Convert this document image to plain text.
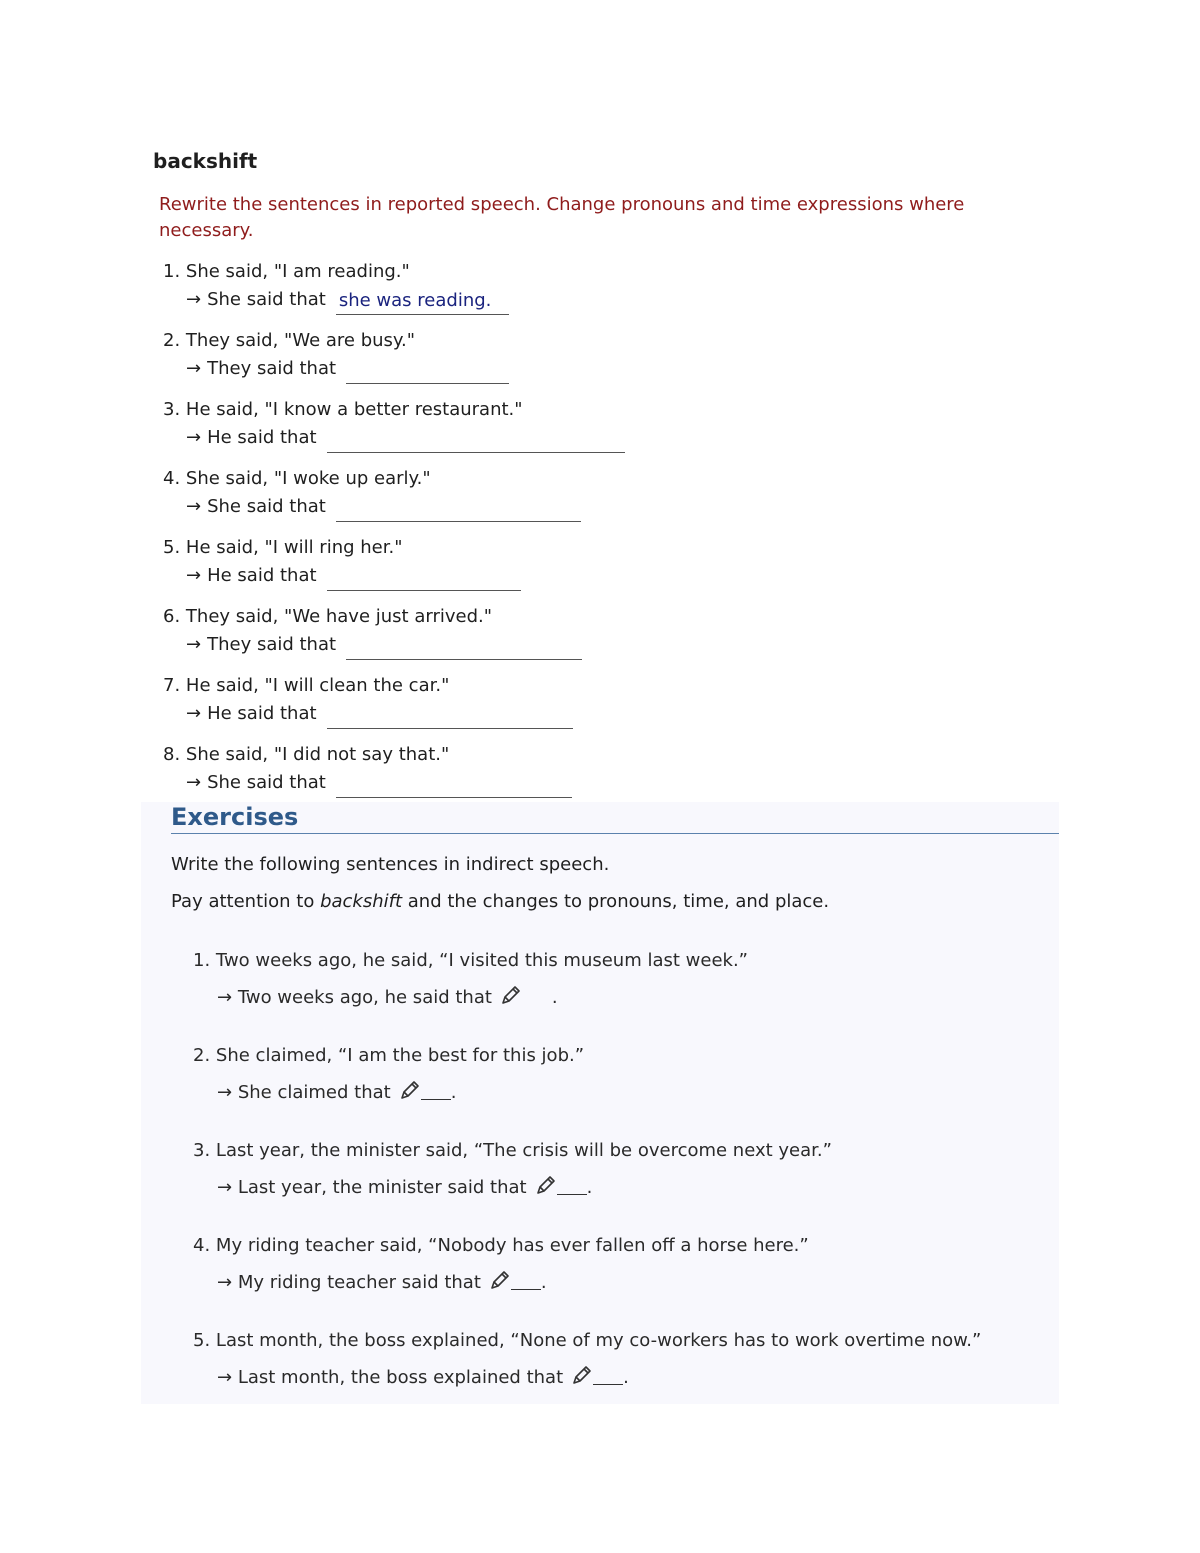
backshift
Rewrite the sentences in reported speech. Change pronouns and time expressions where necessary.
1. She said, "I am reading."
→ She said that she was reading.
2. They said, "We are busy."
→ They said that
3. He said, "I know a better restaurant."
→ He said that
4. She said, "I woke up early."
→ She said that
5. He said, "I will ring her."
→ He said that
6. They said, "We have just arrived."
→ They said that
7. He said, "I will clean the car."
→ He said that
8. She said, "I did not say that."
→ She said that
Exercises
Write the following sentences in indirect speech.
Pay attention to backshift and the changes to pronouns, time, and place.
1. Two weeks ago, he said, “I visited this museum last week.”
→ Two weeks ago, he said that	.
2. She claimed, “I am the best for this job.”
→ She claimed that	.
3. Last year, the minister said, “The crisis will be overcome next year.”
→ Last year, the minister said that	.
4. My riding teacher said, “Nobody has ever fallen off a horse here.”
→ My riding teacher said that	.
5. Last month, the boss explained, “None of my co-workers has to work overtime now.”
→ Last month, the boss explained that	.
